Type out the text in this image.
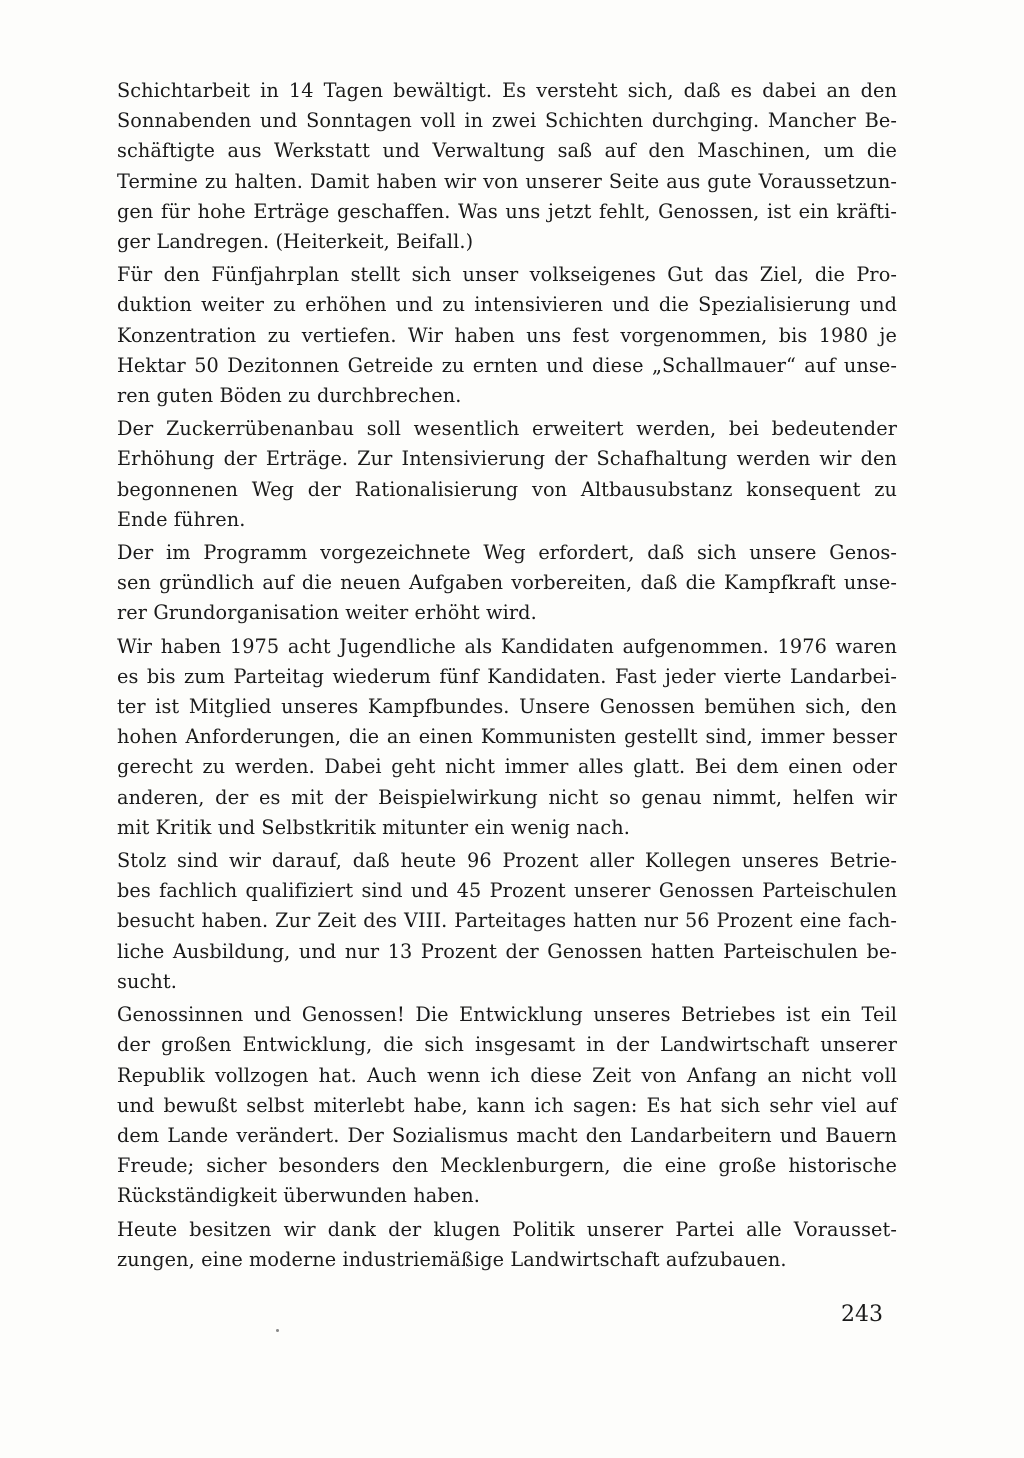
Schichtarbeit in 14 Tagen bewältigt. Es versteht sich, daß es dabei an den
Sonnabenden und Sonntagen voll in zwei Schichten durchging. Mancher Be-
schäftigte aus Werkstatt und Verwaltung saß auf den Maschinen, um die
Termine zu halten. Damit haben wir von unserer Seite aus gute Voraussetzun-
gen für hohe Erträge geschaffen. Was uns jetzt fehlt, Genossen, ist ein kräfti-
ger Landregen. (Heiterkeit, Beifall.)

Für den Fünfjahrplan stellt sich unser volkseigenes Gut das Ziel, die Pro-
duktion weiter zu erhöhen und zu intensivieren und die Spezialisierung und
Konzentration zu vertiefen. Wir haben uns fest vorgenommen, bis 1980 je
Hektar 50 Dezitonnen Getreide zu ernten und diese „Schallmauer“ auf unse-
ren guten Böden zu durchbrechen.

Der Zuckerrübenanbau soll wesentlich erweitert werden, bei bedeutender
Erhöhung der Erträge. Zur Intensivierung der Schafhaltung werden wir den
begonnenen Weg der Rationalisierung von Altbausubstanz konsequent zu
Ende führen.

Der im Programm vorgezeichnete Weg erfordert, daß sich unsere Genos-
sen gründlich auf die neuen Aufgaben vorbereiten, daß die Kampfkraft unse-
rer Grundorganisation weiter erhöht wird.

Wir haben 1975 acht Jugendliche als Kandidaten aufgenommen. 1976 waren
es bis zum Parteitag wiederum fünf Kandidaten. Fast jeder vierte Landarbei-
ter ist Mitglied unseres Kampfbundes. Unsere Genossen bemühen sich, den
hohen Anforderungen, die an einen Kommunisten gestellt sind, immer besser
gerecht zu werden. Dabei geht nicht immer alles glatt. Bei dem einen oder
anderen, der es mit der Beispielwirkung nicht so genau nimmt, helfen wir
mit Kritik und Selbstkritik mitunter ein wenig nach.

Stolz sind wir darauf, daß heute 96 Prozent aller Kollegen unseres Betrie-
bes fachlich qualifiziert sind und 45 Prozent unserer Genossen Parteischulen
besucht haben. Zur Zeit des VIII. Parteitages hatten nur 56 Prozent eine fach-
liche Ausbildung, und nur 13 Prozent der Genossen hatten Parteischulen be-
sucht.

Genossinnen und Genossen! Die Entwicklung unseres Betriebes ist ein Teil
der großen Entwicklung, die sich insgesamt in der Landwirtschaft unserer
Republik vollzogen hat. Auch wenn ich diese Zeit von Anfang an nicht voll
und bewußt selbst miterlebt habe, kann ich sagen: Es hat sich sehr viel auf
dem Lande verändert. Der Sozialismus macht den Landarbeitern und Bauern
Freude; sicher besonders den Mecklenburgern, die eine große historische
Rückständigkeit überwunden haben.

Heute besitzen wir dank der klugen Politik unserer Partei alle Vorausset-
zungen, eine moderne industriemäßige Landwirtschaft aufzubauen.

243
